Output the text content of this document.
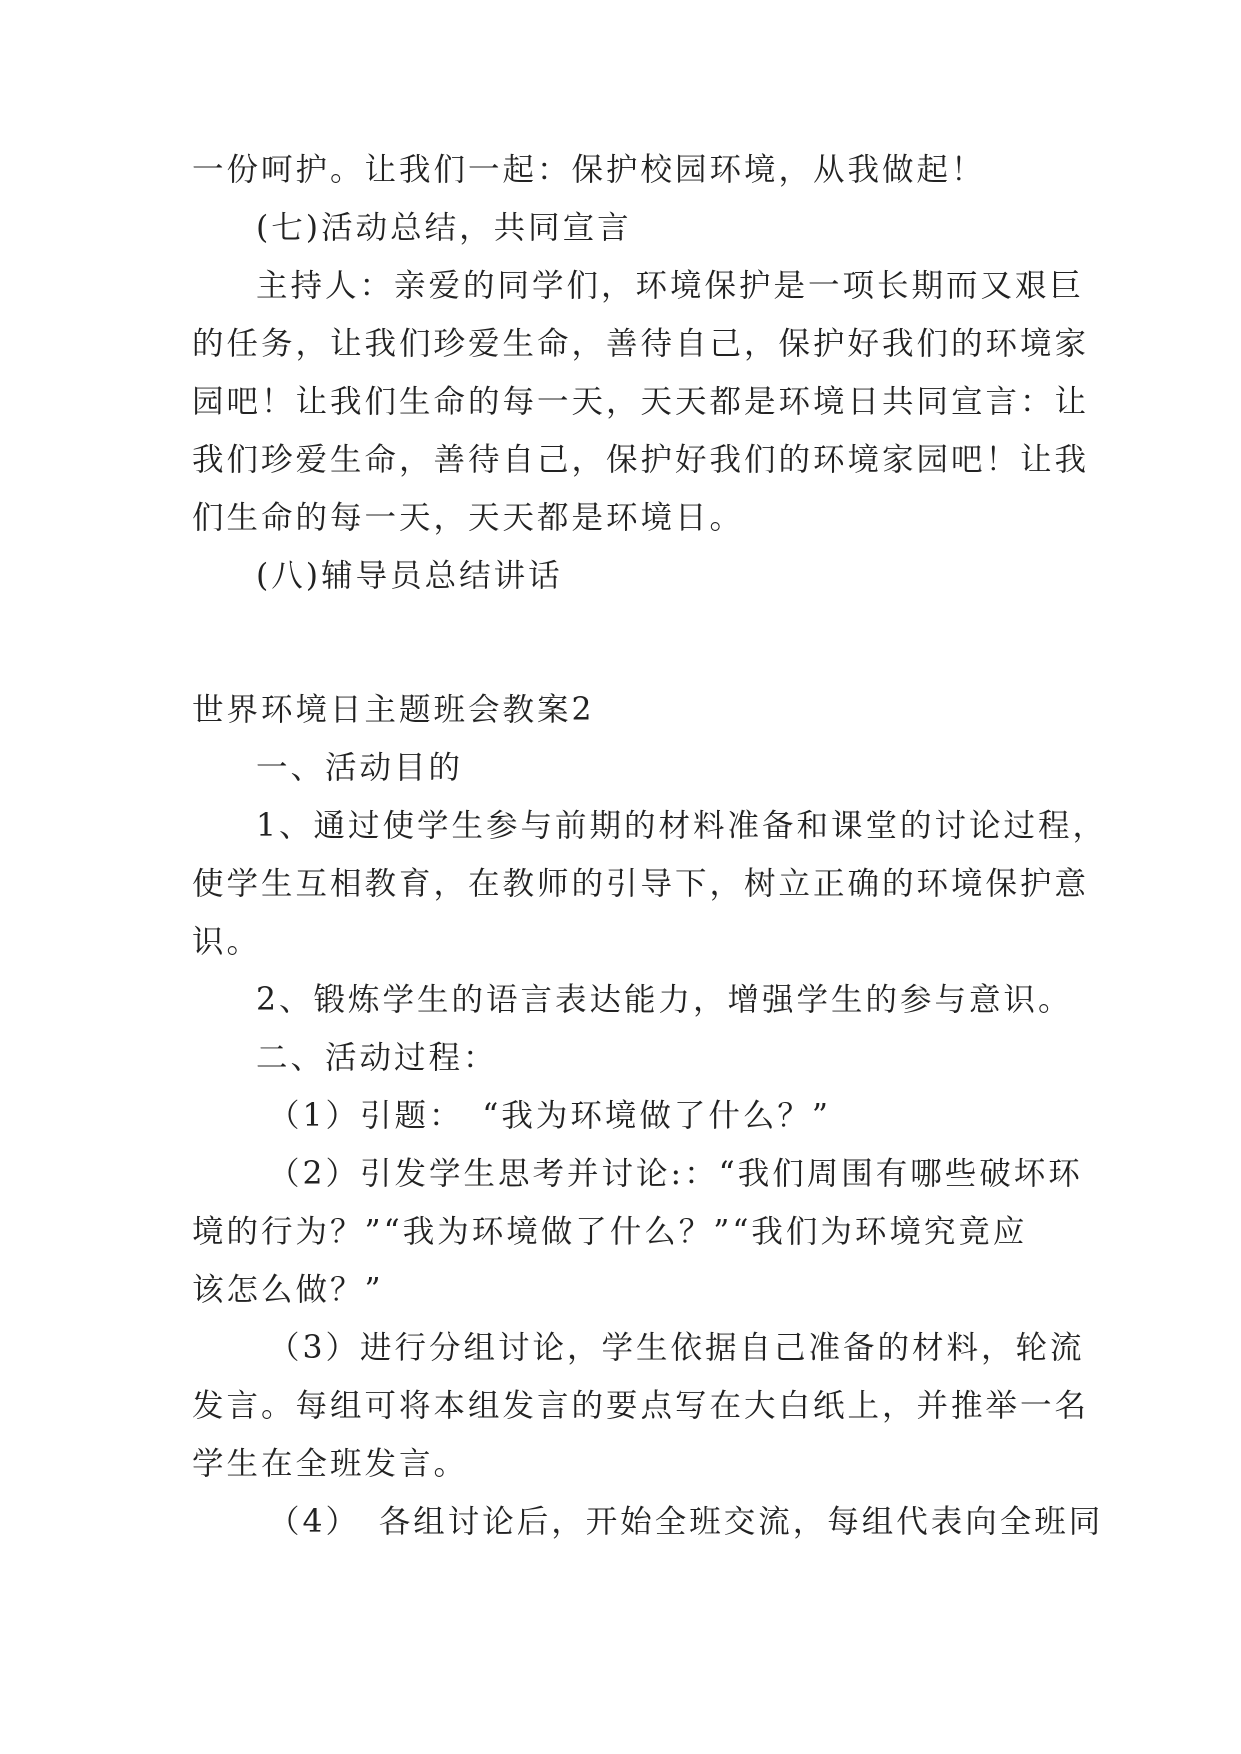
一份呵护。让我们一起：保护校园环境，从我做起！
(七)活动总结，共同宣言
主持人：亲爱的同学们，环境保护是一项长期而又艰巨
的任务，让我们珍爱生命，善待自己，保护好我们的环境家
园吧！让我们生命的每一天，天天都是环境日共同宣言：让
我们珍爱生命，善待自己，保护好我们的环境家园吧！让我
们生命的每一天，天天都是环境日。
(八)辅导员总结讲话
世界环境日主题班会教案2
一、活动目的
1、通过使学生参与前期的材料准备和课堂的讨论过程，
使学生互相教育，在教师的引导下，树立正确的环境保护意
识。
2、锻炼学生的语言表达能力，增强学生的参与意识。
二、活动过程：
（1）引题：　“我为环境做了什么？”
（2）引发学生思考并讨论:：“我们周围有哪些破坏环
境的行为？”“我为环境做了什么？”“我们为环境究竟应
该怎么做？”
（3）进行分组讨论，学生依据自己准备的材料，轮流
发言。每组可将本组发言的要点写在大白纸上，并推举一名
学生在全班发言。
（4）　各组讨论后，开始全班交流，每组代表向全班同
